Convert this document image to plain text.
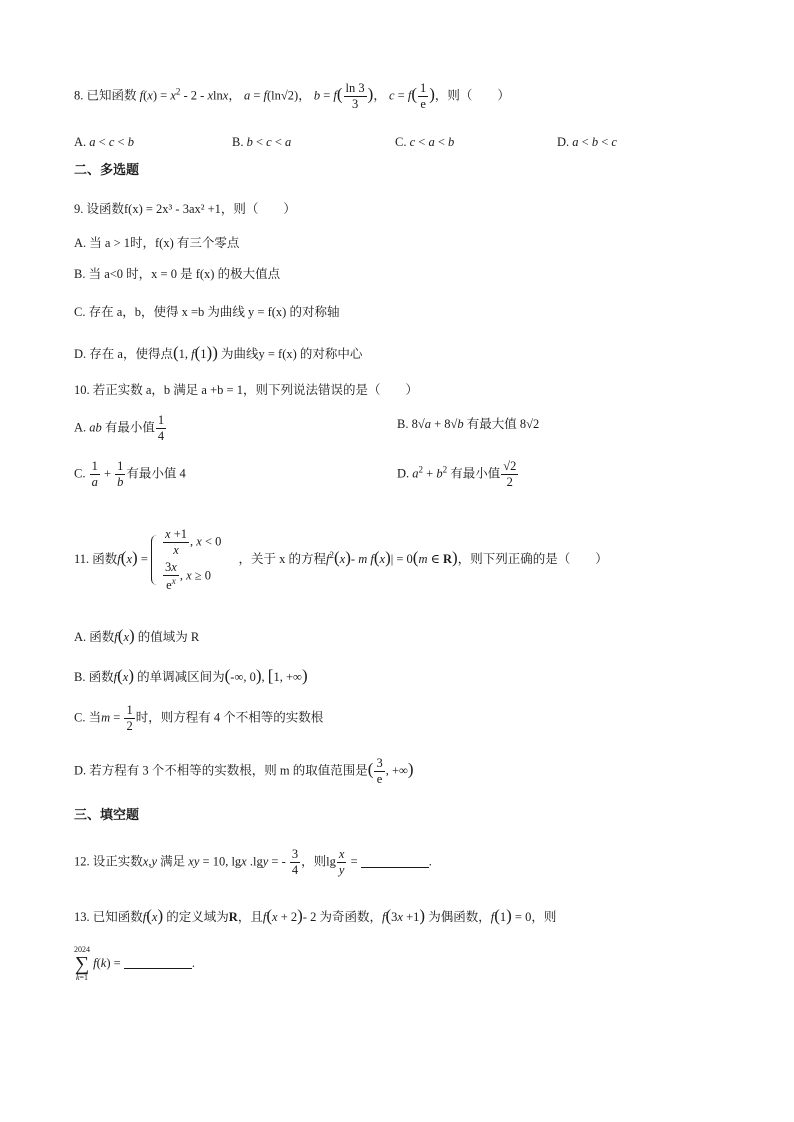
8. 已知函数 $f(x) = x^2 - 2 - xlnx$， a = f(ln√2)， $b = f( \frac{\ln 3}{3}$ )， $c = f( \frac{1}{e}$ )，则（　　）
A. a < c < b	B. b < c < a	C. c < a < b	D. a < b < c
二、多选题
9. 设函数f(x) = 2x³ - 3ax² +1，则（　　）
A. 当 a > 1时，f(x) 有三个零点
B. 当 a<0 时，x = 0 是 f(x) 的极大值点
C. 存在 a，b，使得 x =b 为曲线 y = f(x) 的对称轴
D. 存在 a，使得点(1, f(1)) 为曲线y = f(x) 的对称中心
10. 若正实数 a，b 满足 a +b = 1，则下列说法错误的是（　　）
A. ab 有最小值 $\frac{1}{4}$	B. 8√a + 8√b 有最大值 8√2
C. $\frac{1}{a} + \frac{1}{b}$ 有最小值 4	D. $a^2 + b^2$ 有最小值 $\frac{√2}{2}$
11. 函数f(x) =
$\frac{x +1}{x}$ , x < 0
$\frac{3x}{e^x}$ , x ≥ 0
，关于 x 的方程$f^2(x)-$ m f(x)| = 0(m ∈ R)，则下列正确的是（　　）
A. 函数f(x) 的值域为 R
B. 函数f(x) 的单调减区间为(-∞, 0), [1, +∞)
C. 当$m = \frac{1}{2}$ 时，则方程有 4 个不相等的实数根
D. 若方程有 3 个不相等的实数根，则 m 的取值范围是( $\frac{3}{e}$ , +∞)
三、填空题
12. 设正实数x,y 满足 xy = 10, lgx .lgy = - $\frac{3}{4}$ ，则$\lg \frac{x}{y}$ =	.
13. 已知函数f(x) 的定义域为R，且f(x + 2)- 2 为奇函数，f(3x +1) 为偶函数，f(1) = 0，则
2024
∑
k=1
f(k) =	.
